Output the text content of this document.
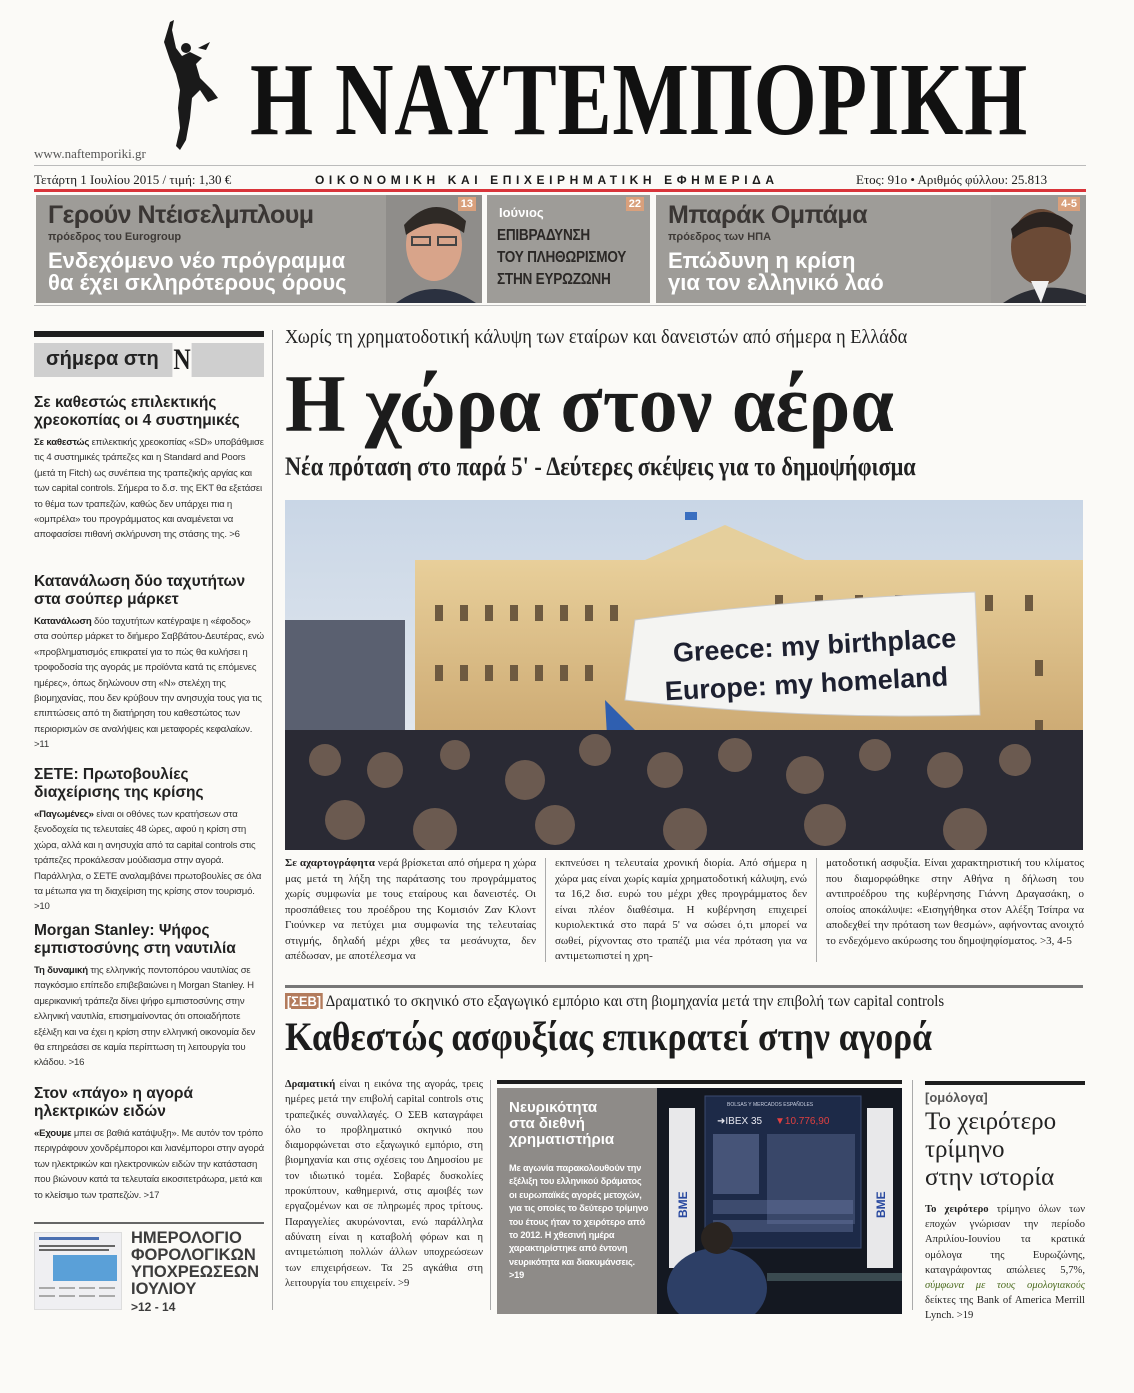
Η ΝΑΥΤΕΜΠΟΡΙΚΗ
www.naftemporiki.gr
Τετάρτη 1 Ιουλίου 2015 / τιμή: 1,30 €	ΟΙΚΟΝΟΜΙΚΗ ΚΑΙ ΕΠΙΧΕΙΡΗΜΑΤΙΚΗ ΕΦΗΜΕΡΙΔΑ	Ετος: 91ο • Αριθμός φύλλου: 25.813
Γερούν Ντέισελμπλουμ
πρόεδρος του Eurogroup
Ενδεχόμενο νέο πρόγραμμα
θα έχει σκληρότερους όρους
13
Ιούνιος
ΕΠΙΒΡΑΔΥΝΣΗ
ΤΟΥ ΠΛΗΘΩΡΙΣΜΟΥ
ΣΤΗΝ ΕΥΡΩΖΩΝΗ
22 Μπαράκ Ομπάμα
πρόεδρος των ΗΠΑ
Επώδυνη η κρίση
για τον ελληνικό λαό
4-5
σήμερα στη N
Σε καθεστώς επιλεκτικής χρεοκοπίας οι 4 συστημικές

Σε καθεστώς επιλεκτικής χρεοκοπίας «SD» υποβάθμισε τις 4 συστημικές τράπεζες και η Standard and Poors (μετά τη Fitch) ως συνέπεια της τραπεζικής αργίας και των capital controls. Σήμερα το δ.σ. της ΕΚΤ θα εξετάσει το θέμα των τραπεζών, καθώς δεν υπάρχει πια η «ομπρέλα» του προγράμματος και αναμένεται να αποφασίσει πιθανή σκλήρυνση της στάσης της. >6

Κατανάλωση δύο ταχυτήτων στα σούπερ μάρκετ

Κατανάλωση δύο ταχυτήτων κατέγραψε η «έφοδος» στα σούπερ μάρκετ το διήμερο Σαββάτου-Δευτέρας, ενώ «προβληματισμός επικρατεί για το πώς θα κυλήσει η τροφοδοσία της αγοράς με προϊόντα κατά τις επόμενες ημέρες», όπως δηλώνουν στη «Ν» στελέχη της βιομηχανίας, που δεν κρύβουν την ανησυχία τους για τις επιπτώσεις από τη διατήρηση του καθεστώτος των περιορισμών σε αναλήψεις και μεταφορές κεφαλαίων. >11

ΣΕΤΕ: Πρωτοβουλίες διαχείρισης της κρίσης

«Παγωμένες» είναι οι οθόνες των κρατήσεων στα ξενοδοχεία τις τελευταίες 48 ώρες, αφού η κρίση στη χώρα, αλλά και η ανησυχία από τα capital controls στις τράπεζες προκάλεσαν μούδιασμα στην αγορά. Παράλληλα, ο ΣΕΤΕ αναλαμβάνει πρωτοβουλίες σε όλα τα μέτωπα για τη διαχείριση της κρίσης στον τουρισμό. >10

Morgan Stanley: Ψήφος εμπιστοσύνης στη ναυτιλία

Τη δυναμική της ελληνικής ποντοπόρου ναυτιλίας σε παγκόσμιο επίπεδο επιβεβαιώνει η Morgan Stanley. Η αμερικανική τράπεζα δίνει ψήφο εμπιστοσύνης στην ελληνική ναυτιλία, επισημαίνοντας ότι οποιαδήποτε εξέλιξη και να έχει η κρίση στην ελληνική οικονομία δεν θα επηρεάσει σε καμία περίπτωση τη λειτουργία του κλάδου. >16

Στον «πάγο» η αγορά ηλεκτρικών ειδών

«Εχουμε μπει σε βαθιά κατάψυξη». Με αυτόν τον τρόπο περιγράφουν χονδρέμποροι και λιανέμποροι στην αγορά των ηλεκτρικών και ηλεκτρονικών ειδών την κατάσταση που βιώνουν κατά τα τελευταία εικοσιτετράωρα, μετά και το κλείσιμο των τραπεζών. >17

ΗΜΕΡΟΛΟΓΙΟ
ΦΟΡΟΛΟΓΙΚΩΝ
ΥΠΟΧΡΕΩΣΕΩΝ
ΙΟΥΛΙΟΥ
>12 - 14
Χωρίς τη χρηματοδοτική κάλυψη των εταίρων και δανειστών από σήμερα η Ελλάδα
Η χώρα στον αέρα
Νέα πρόταση στο παρά 5' - Δεύτερες σκέψεις για το δημοψήφισμα
Greece: my birthplace
Europe: my homeland
Σε αχαρτογράφητα νερά βρίσκεται από σήμερα η χώρα μας μετά τη λήξη της παράτασης του προγράμματος χωρίς συμφωνία με τους εταίρους και δανειστές. Οι προσπάθειες του προέδρου της Κομισιόν Ζαν Κλοντ Γιούνκερ να πετύχει μια συμφωνία της τελευταίας στιγμής, δηλαδή μέχρι χθες τα μεσάνυχτα, δεν απέδωσαν, με αποτέλεσμα να
εκπνεύσει η τελευταία χρονική διορία. Από σήμερα η χώρα μας είναι χωρίς καμία χρηματοδοτική κάλυψη, ενώ τα 16,2 δισ. ευρώ του μέχρι χθες προγράμματος δεν είναι πλέον διαθέσιμα. Η κυβέρνηση επιχειρεί κυριολεκτικά στο παρά 5' να σώσει ό,τι μπορεί να σωθεί, ρίχνοντας στο τραπέζι μια νέα πρόταση για να αντιμετωπιστεί η χρη-
ματοδοτική ασφυξία. Είναι χαρακτηριστική του κλίματος που διαμορφώθηκε στην Αθήνα η δήλωση του αντιπροέδρου της κυβέρνησης Γιάννη Δραγασάκη, ο οποίος αποκάλυψε: «Εισηγήθηκα στον Αλέξη Τσίπρα να αποδεχθεί την πρόταση των θεσμών», αφήνοντας ανοιχτό το ενδεχόμενο ακύρωσης του δημοψηφίσματος. >3, 4-5
[ΣΕΒ] Δραματικό το σκηνικό στο εξαγωγικό εμπόριο και στη βιομηχανία μετά την επιβολή των capital controls
Καθεστώς ασφυξίας επικρατεί στην αγορά
Δραματική είναι η εικόνα της αγοράς, τρεις ημέρες μετά την επιβολή capital controls στις τραπεζικές συναλλαγές. Ο ΣΕΒ καταγράφει όλο το προβληματικό σκηνικό που διαμορφώνεται στο εξαγωγικό εμπόριο, στη βιομηχανία και στις σχέσεις του Δημοσίου με τον ιδιωτικό τομέα. Σοβαρές δυσκολίες προκύπτουν, καθημερινά, στις αμοιβές των εργαζομένων και σε πληρωμές προς τρίτους. Παραγγελίες ακυρώνονται, ενώ παράλληλα αδύνατη είναι η καταβολή φόρων και η αντιμετώπιση πολλών άλλων υποχρεώσεων των επιχειρήσεων. Τα 25 αγκάθια στη λειτουργία του επιχειρείν. >9
Νευρικότητα
στα διεθνή
χρηματιστήρια
Με αγωνία παρακολουθούν την εξέλιξη του ελληνικού δράματος οι ευρωπαϊκές αγορές μετοχών, για τις οποίες το δεύτερο τρίμηνο του έτους ήταν το χειρότερο από το 2012. Η χθεσινή ημέρα χαρακτηρίστηκε από έντονη νευρικότητα και διακυμάνσεις. >19
BME	BME
BOLSAS Y MERCADOS ESPAÑOLES
➜IBEX 35 ▼10.776,90
[ομόλογα]
Το χειρότερο
τρίμηνο
στην ιστορία
Το χειρότερο τρίμηνο όλων των εποχών γνώρισαν την περίοδο Απριλίου-Ιουνίου τα κρατικά ομόλογα της Ευρωζώνης, καταγράφοντας απώλειες 5,7%, σύμφωνα με τους ομολογιακούς δείκτες της Bank of America Merrill Lynch. >19
